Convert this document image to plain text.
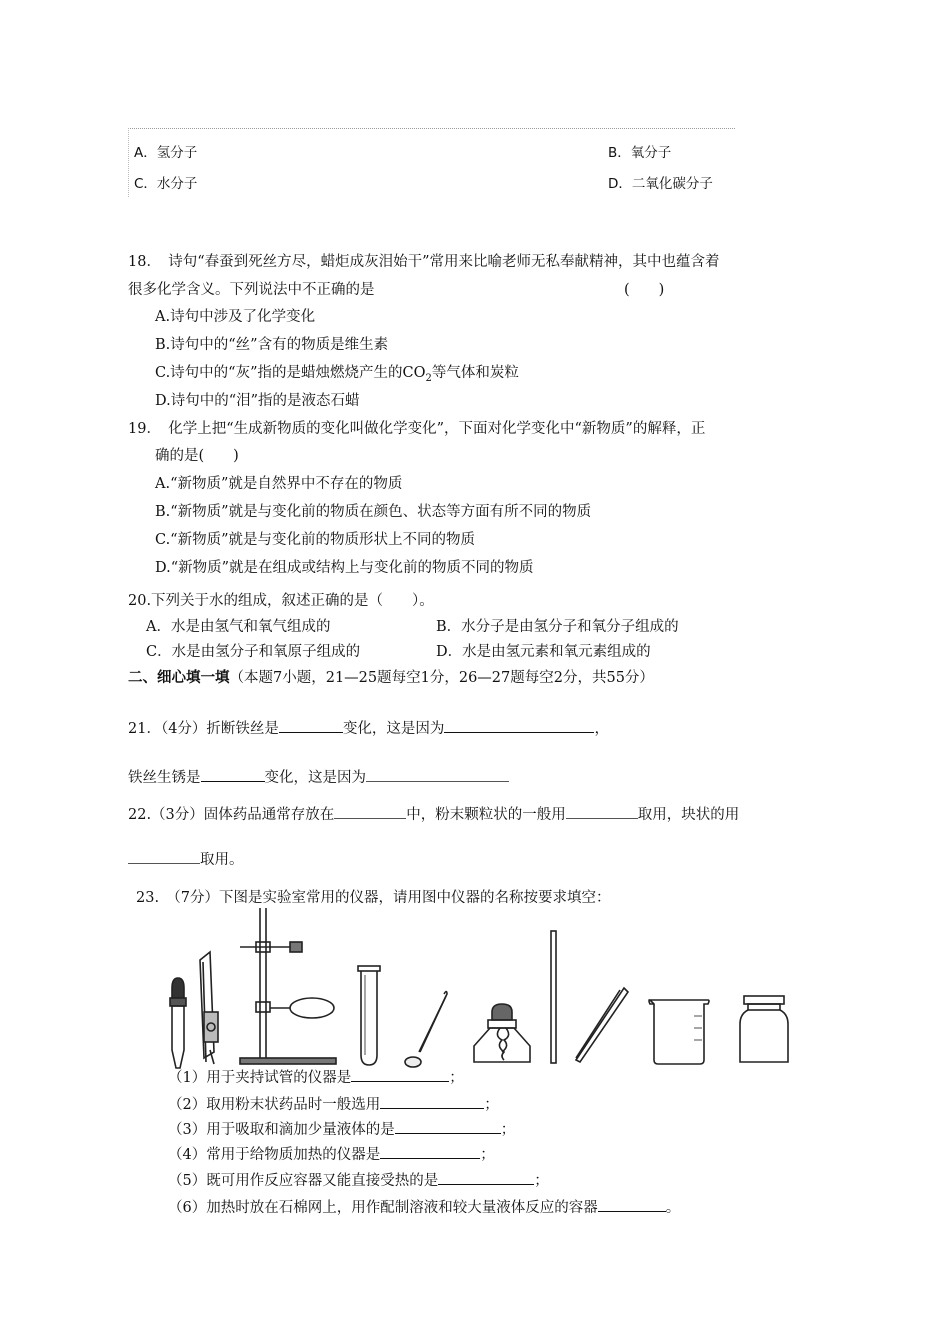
A．氢分子	B．氧分子
C．水分子	D．二氧化碳分子
18．　诗句“春蚕到死丝方尽，蜡炬成灰泪始干”常用来比喻老师无私奉献精神，其中也蕴含着
很多化学含义。下列说法中不正确的是	(　　)
A.诗句中涉及了化学变化
B.诗句中的“丝”含有的物质是维生素
C.诗句中的“灰”指的是蜡烛燃烧产生的$CO_2$等气体和炭粒
D.诗句中的“泪”指的是液态石蜡
19．　化学上把“生成新物质的变化叫做化学变化”，下面对化学变化中“新物质”的解释，正
确的是(　　)
A.“新物质”就是自然界中不存在的物质
B.“新物质”就是与变化前的物质在颜色、状态等方面有所不同的物质
C.“新物质”就是与变化前的物质形状上不同的物质
D.“新物质”就是在组成或结构上与变化前的物质不同的物质
20.下列关于水的组成，叙述正确的是（　　）。
A．水是由氢气和氧气组成的	B．水分子是由氢分子和氧分子组成的
C．水是由氢分子和氧原子组成的	D．水是由氢元素和氧元素组成的
二、细心填一填（本题7小题，21—25题每空1分，26—27题每空2分，共55分）
21．（4分）折断铁丝是	变化，这是因为	，
铁丝生锈是	变化，这是因为
22.（3分）固体药品通常存放在	中，粉末颗粒状的一般用	取用，块状的用
取用。
23.　（7分）下图是实验室常用的仪器，请用图中仪器的名称按要求填空：
（1）用于夹持试管的仪器是	；
（2）取用粉末状药品时一般选用	；
（3）用于吸取和滴加少量液体的是	；
（4）常用于给物质加热的仪器是	；
（5）既可用作反应容器又能直接受热的是	；
（6）加热时放在石棉网上，用作配制溶液和较大量液体反应的容器	。
